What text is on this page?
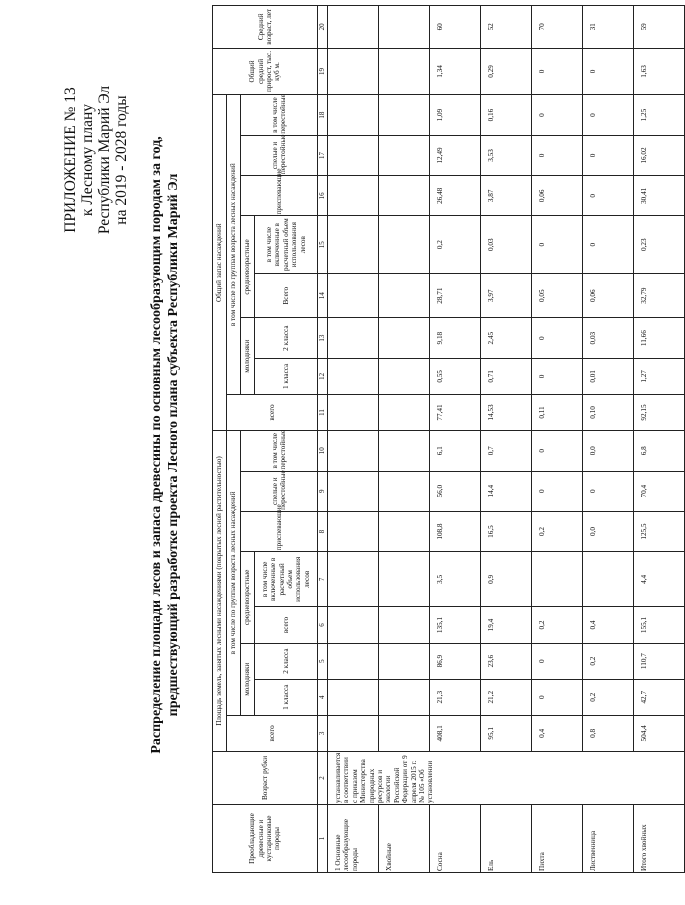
ПРИЛОЖЕНИЕ № 13 к Лесному плану Республики Марий Эл на 2019 - 2028 годы Распределение площади лесов и запаса древесины по основным лесообразующим породам за год, предшествующий разработке проекта Лесного плана субъекта Республики Марий Эл
Преобладающие древесные и кустарниковые породы	Возраст рубки	Площадь земель, занятых лесными насаждениями (покрытых лесной растительностью)								Общий запас насаждений								Общий средний прирост, тыс. куб м.	Средний возраст, лет
		всего	в том числе по группам возраста лесных насаждений							всего	в том числе по группам возраста лесных насаждений								
			молодняки		средневозрастные		приспевающие	спелые и перестойные	в том числе перестойные		молодняки		средневозрастные		приспевающие	спелые и перестойные	в том числе перестойные		
			1 класса	2 класса	всего	в том числе включенные в расчетный объем использования лесов					1 класса	2 класса	Всего	в том числе включенные в расчетный объем использования лесов					

1	2	3	4	5	6	7	8	9	10	11	12	13	14	15	16	17	18	19	20
1 Основные лесообразующие породы	устанавливается в соответствии с приказом Министерства природных ресурсов и экологии Российской Федерации от 9 апреля 2015 г. № 105 «Об установлении																		
Хвойные																			
Сосна		408,1	21,3	86,9	135,1	3,5	108,8	56,0	6,1	77,41	0,55	9,18	28,71	0,2	26,48	12,49	1,09	1,34	60
Ель		95,1	21,2	23,6	19,4	0,9	16,5	14,4	0,7	14,53	0,71	2,45	3,97	0,03	3,87	3,53	0,16	0,29	52
Пихта		0,4	0	0	0,2		0,2	0	0	0,11	0	0	0,05	0	0,06	0	0	0	70
Лиственница		0,8	0,2	0,2	0,4		0,0	0	0,0	0,10	0,01	0,03	0,06	0	0	0	0	0	31
Итого хвойных		504,4	42,7	110,7	155,1	4,4	125,5	70,4	6,8	92,15	1,27	11,66	32,79	0,23	30,41	16,02	1,25	1,63	59
